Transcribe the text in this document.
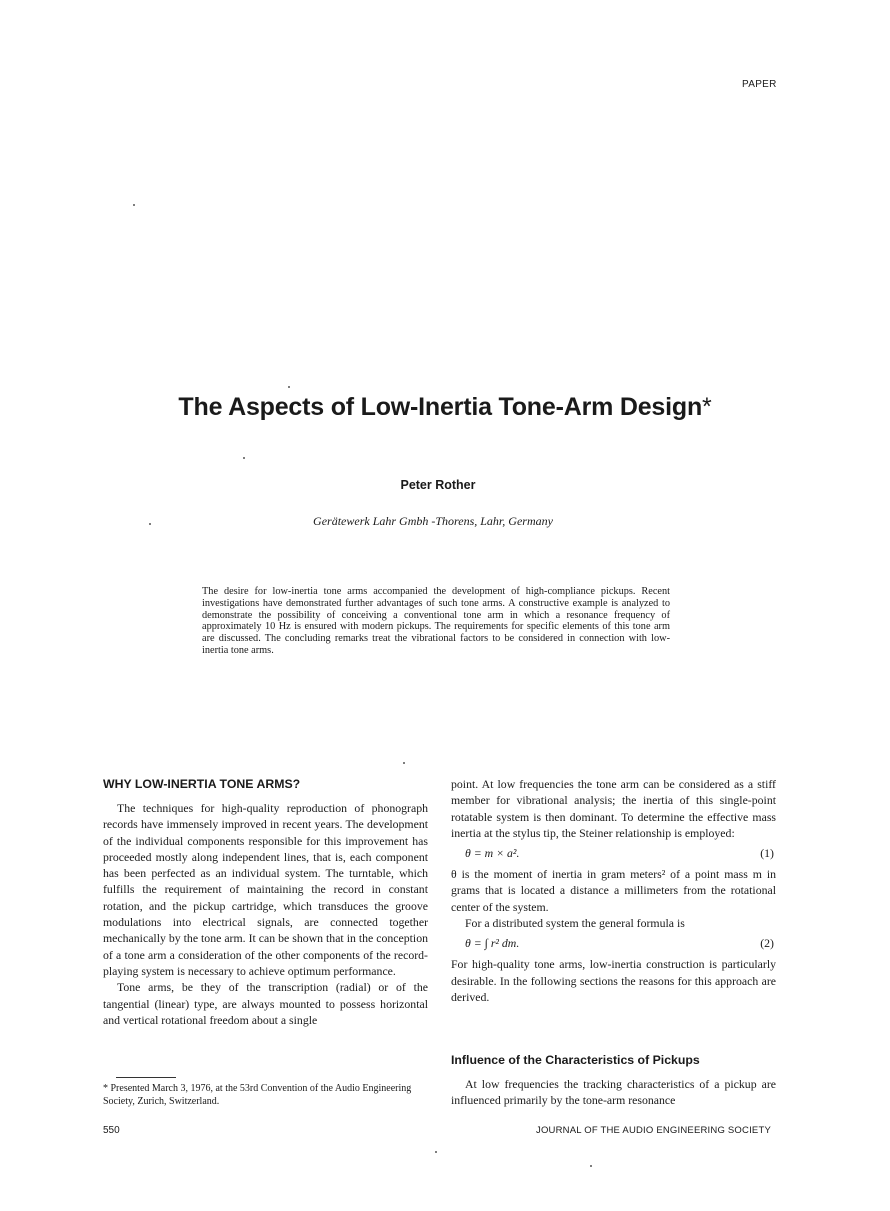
PAPER
The Aspects of Low-Inertia Tone-Arm Design*
Peter Rother
Gerätewerk Lahr Gmbh -Thorens, Lahr, Germany
The desire for low-inertia tone arms accompanied the development of high-compliance pickups. Recent investigations have demonstrated further advantages of such tone arms. A constructive example is analyzed to demonstrate the possibility of conceiving a conventional tone arm in which a resonance frequency of approximately 10 Hz is ensured with modern pickups. The requirements for specific elements of this tone arm are discussed. The concluding remarks treat the vibrational factors to be considered in connection with low-inertia tone arms.
WHY LOW-INERTIA TONE ARMS?

The techniques for high-quality reproduction of phonograph records have immensely improved in recent years. The development of the individual components responsible for this improvement has proceeded mostly along independent lines, that is, each component has been perfected as an individual system. The turntable, which fulfills the requirement of maintaining the record in constant rotation, and the pickup cartridge, which transduces the groove modulations into electrical signals, are connected together mechanically by the tone arm. It can be shown that in the conception of a tone arm a consideration of the other components of the record-playing system is necessary to achieve optimum performance.

Tone arms, be they of the transcription (radial) or of the tangential (linear) type, are always mounted to possess horizontal and vertical rotational freedom about a single

* Presented March 3, 1976, at the 53rd Convention of the Audio Engineering Society, Zurich, Switzerland.

point. At low frequencies the tone arm can be considered as a stiff member for vibrational analysis; the inertia of this single-point rotatable system is then dominant. To determine the effective mass inertia at the stylus tip, the Steiner relationship is employed:

θ = m × a².	(1)

θ is the moment of inertia in gram meters² of a point mass m in grams that is located a distance a millimeters from the rotational center of the system.

For a distributed system the general formula is

θ = ∫ r² dm.	(2)

For high-quality tone arms, low-inertia construction is particularly desirable. In the following sections the reasons for this approach are derived.

Influence of the Characteristics of Pickups

At low frequencies the tracking characteristics of a pickup are influenced primarily by the tone-arm resonance

550	JOURNAL OF THE AUDIO ENGINEERING SOCIETY
